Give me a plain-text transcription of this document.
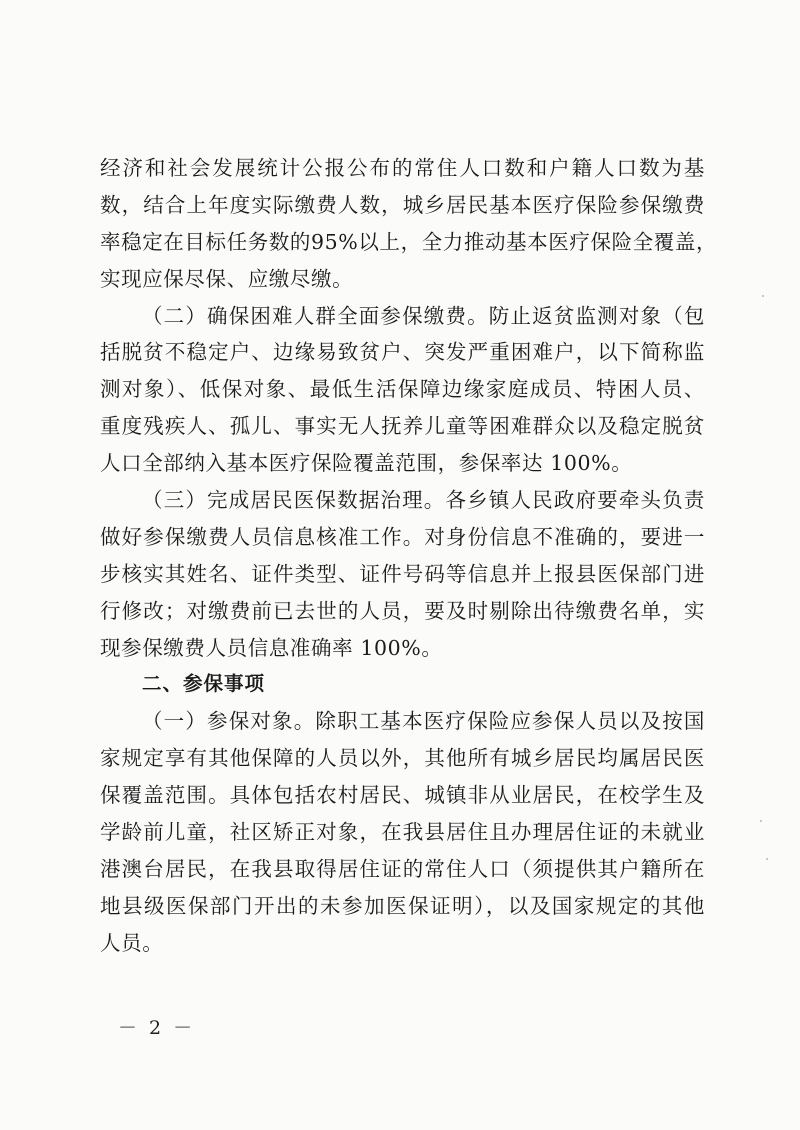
经济和社会发展统计公报公布的常住人口数和户籍人口数为基
数，结合上年度实际缴费人数，城乡居民基本医疗保险参保缴费
率稳定在目标任务数的95%以上，全力推动基本医疗保险全覆盖，
实现应保尽保、应缴尽缴。
（二）确保困难人群全面参保缴费。防止返贫监测对象（包
括脱贫不稳定户、边缘易致贫户、突发严重困难户，以下简称监
测对象）、低保对象、最低生活保障边缘家庭成员、特困人员、
重度残疾人、孤儿、事实无人抚养儿童等困难群众以及稳定脱贫
人口全部纳入基本医疗保险覆盖范围，参保率达 100%。
（三）完成居民医保数据治理。各乡镇人民政府要牵头负责
做好参保缴费人员信息核准工作。对身份信息不准确的，要进一
步核实其姓名、证件类型、证件号码等信息并上报县医保部门进
行修改；对缴费前已去世的人员，要及时剔除出待缴费名单，实
现参保缴费人员信息准确率 100%。
二、参保事项
（一）参保对象。除职工基本医疗保险应参保人员以及按国
家规定享有其他保障的人员以外，其他所有城乡居民均属居民医
保覆盖范围。具体包括农村居民、城镇非从业居民，在校学生及
学龄前儿童，社区矫正对象，在我县居住且办理居住证的未就业
港澳台居民，在我县取得居住证的常住人口（须提供其户籍所在
地县级医保部门开出的未参加医保证明），以及国家规定的其他
人员。
－ 2 －
